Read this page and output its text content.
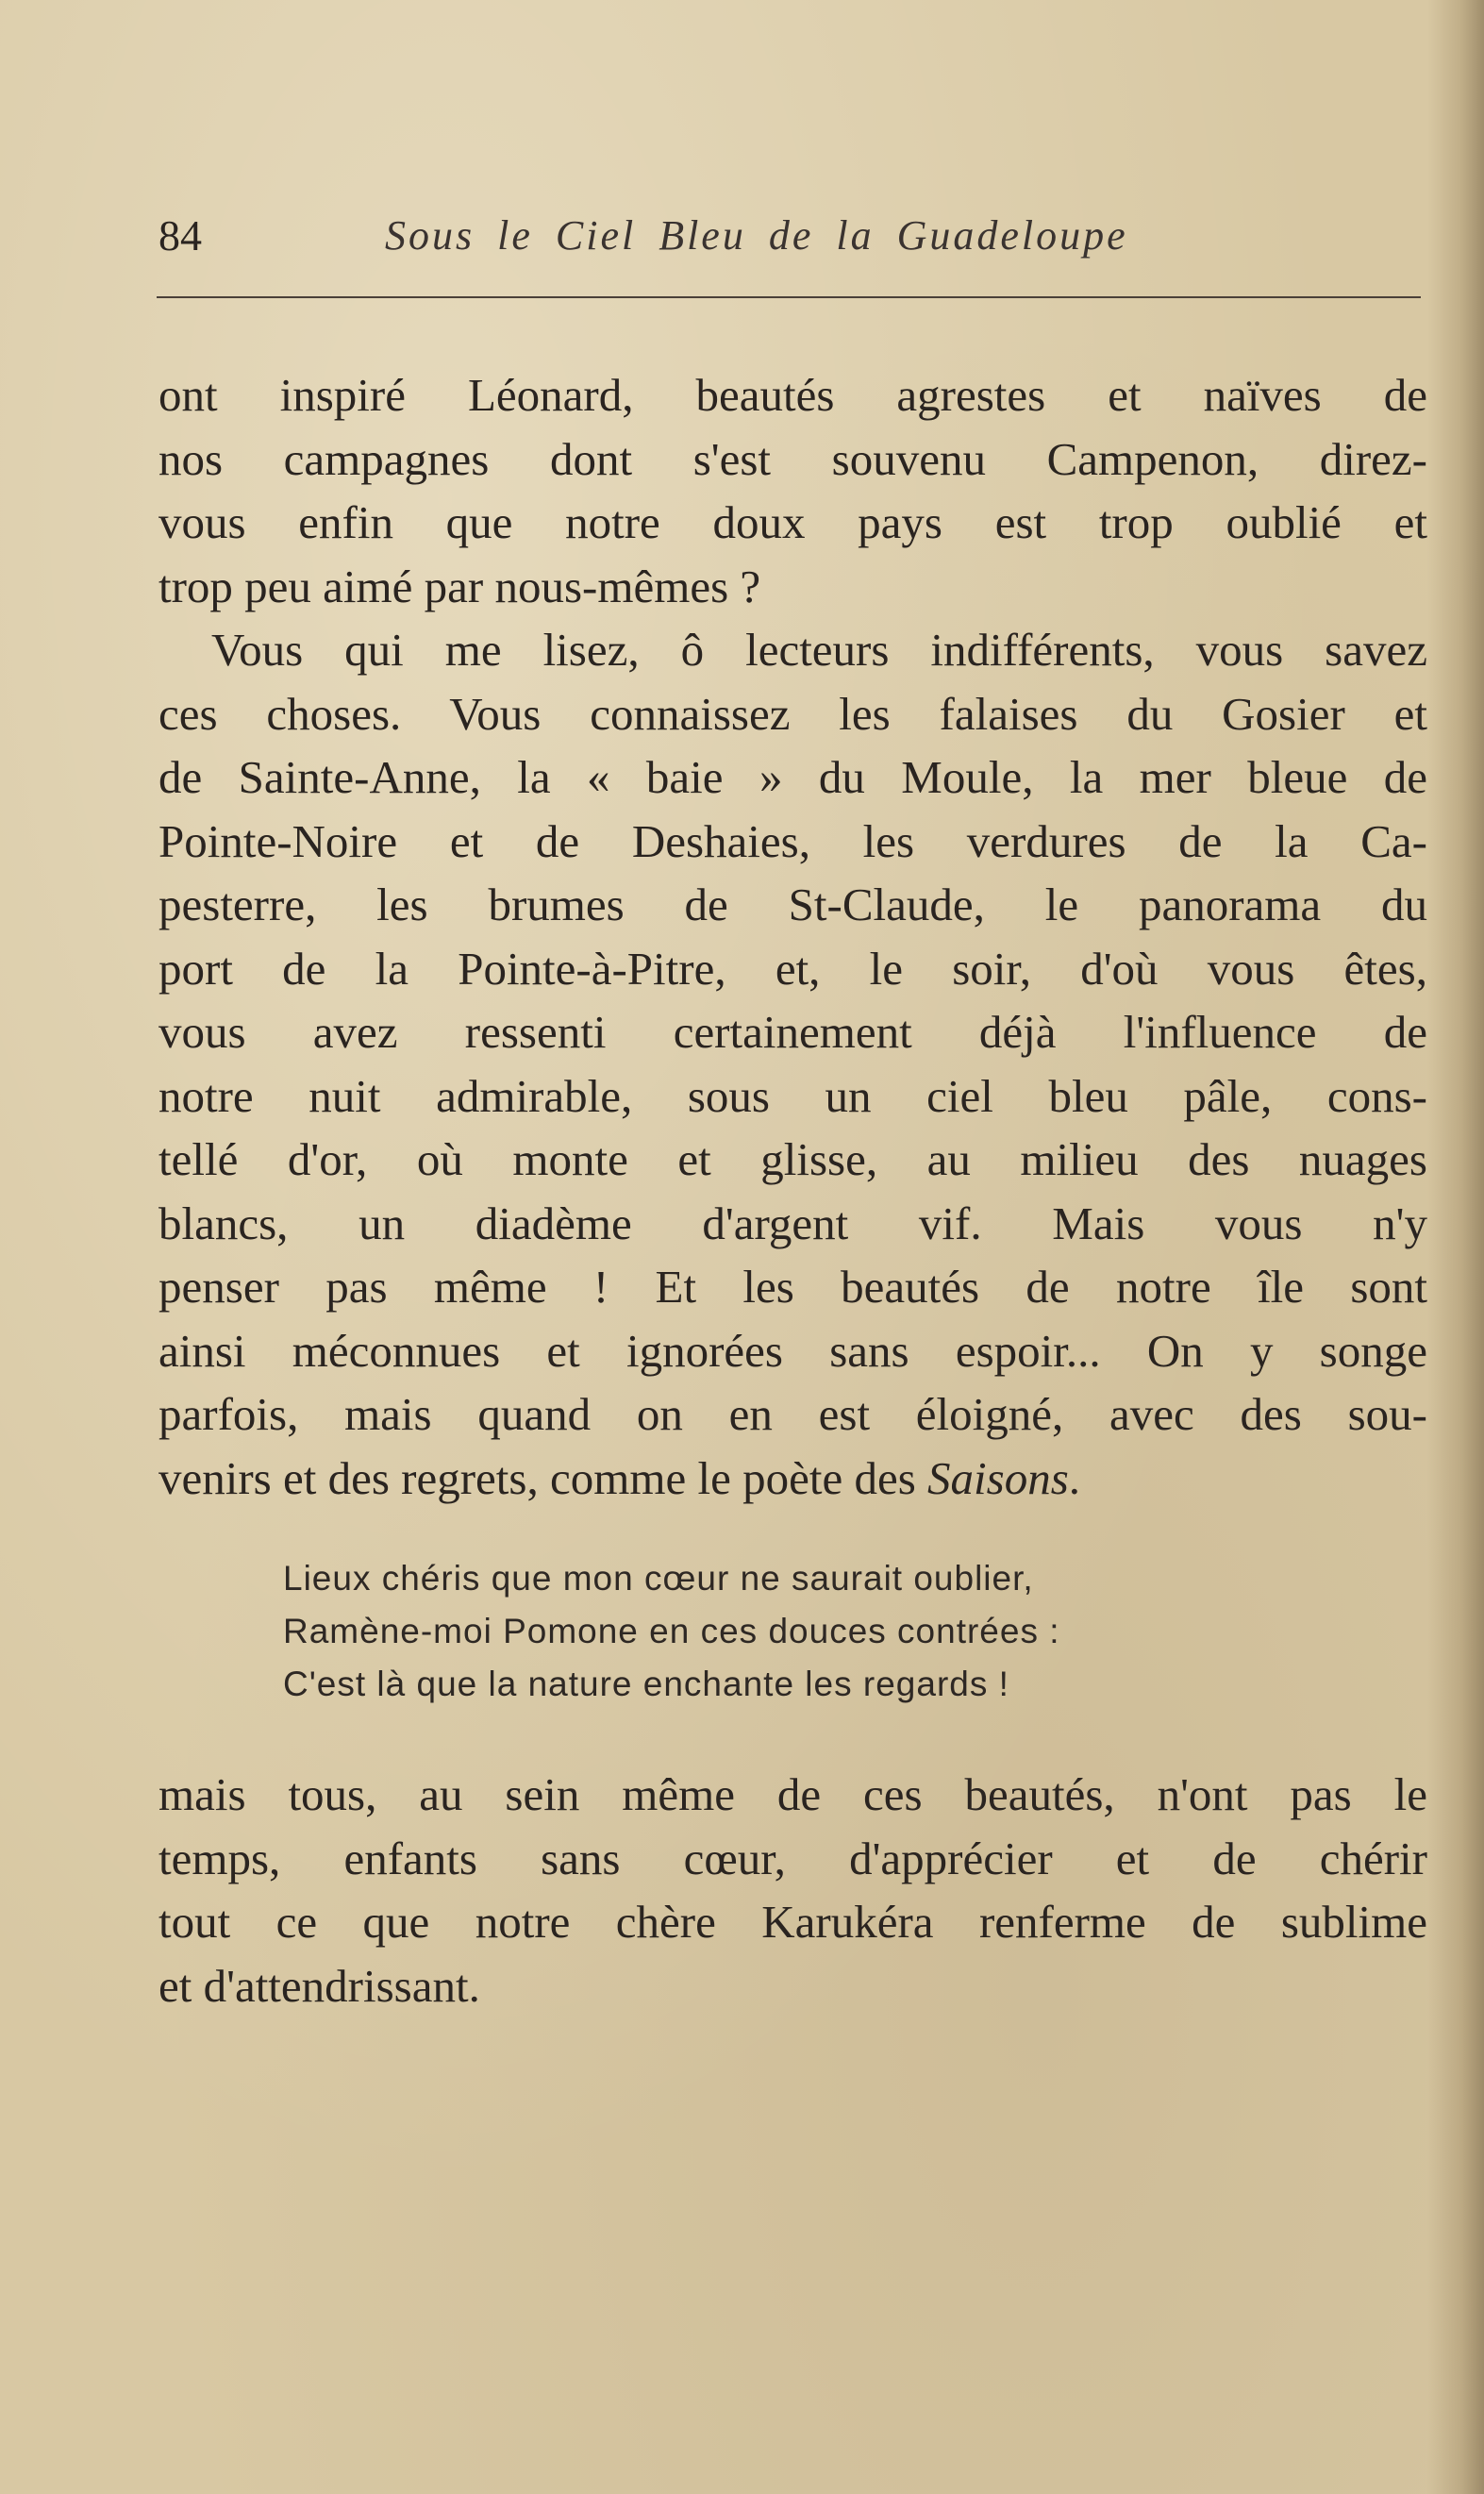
84	Sous le Ciel Bleu de la Guadeloupe
ont inspiré Léonard, beautés agrestes et naïves de
nos campagnes dont s'est souvenu Campenon, direz-
vous enfin que notre doux pays est trop oublié et
trop peu aimé par nous-mêmes ?
Vous qui me lisez, ô lecteurs indifférents, vous savez
ces choses. Vous connaissez les falaises du Gosier et
de Sainte-Anne, la « baie » du Moule, la mer bleue de
Pointe-Noire et de Deshaies, les verdures de la Ca-
pesterre, les brumes de St-Claude, le panorama du
port de la Pointe-à-Pitre, et, le soir, d'où vous êtes,
vous avez ressenti certainement déjà l'influence de
notre nuit admirable, sous un ciel bleu pâle, cons-
tellé d'or, où monte et glisse, au milieu des nuages
blancs, un diadème d'argent vif. Mais vous n'y
penser pas même ! Et les beautés de notre île sont
ainsi méconnues et ignorées sans espoir... On y songe
parfois, mais quand on en est éloigné, avec des sou-
venirs et des regrets, comme le poète des Saisons.
Lieux chéris que mon cœur ne saurait oublier,
Ramène-moi Pomone en ces douces contrées :
C'est là que la nature enchante les regards !
mais tous, au sein même de ces beautés, n'ont pas le
temps, enfants sans cœur, d'apprécier et de chérir
tout ce que notre chère Karukéra renferme de sublime
et d'attendrissant.
